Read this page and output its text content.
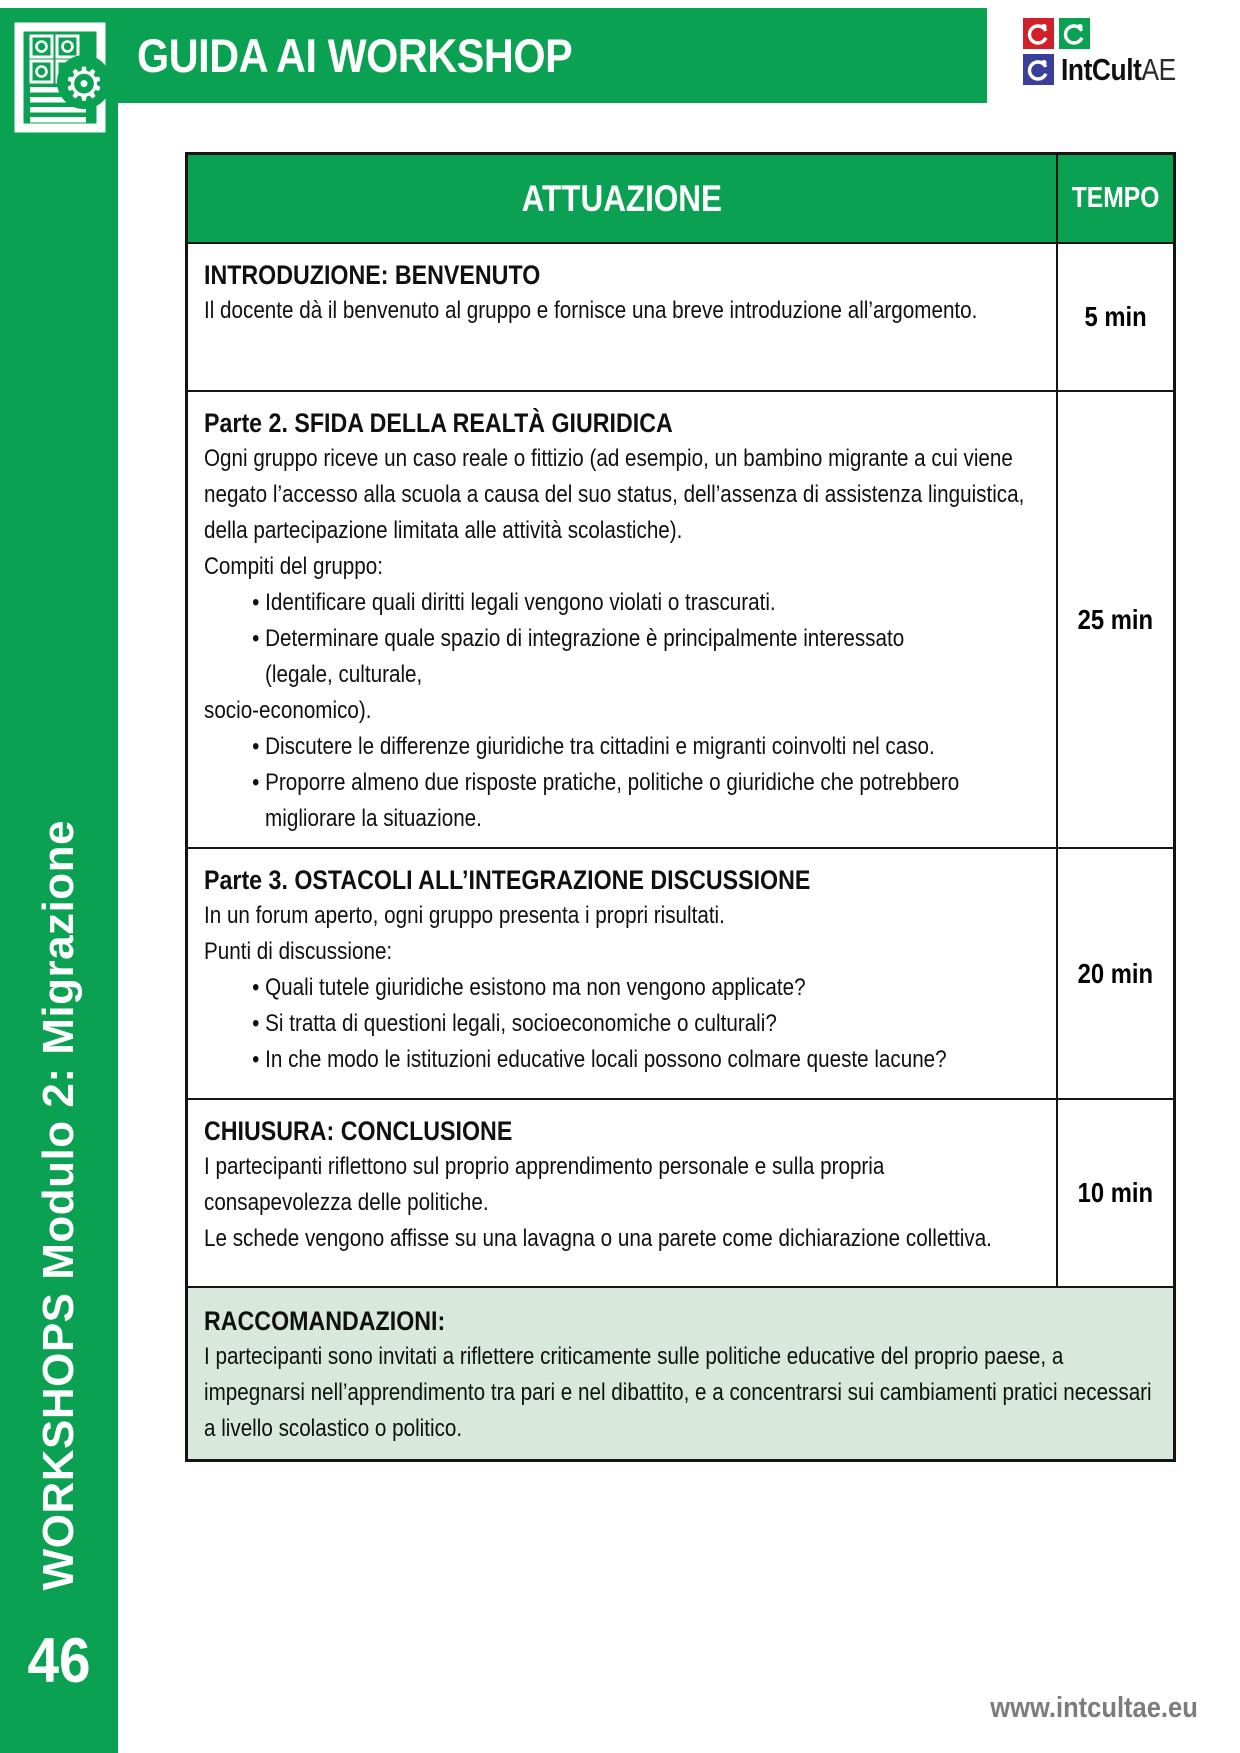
⚙
GUIDA AI WORKSHOP	IntCult AE
WORKSHOPS Modulo 2: Migrazione
46
ATTUAZIONE	TEMPO
INTRODUZIONE: BENVENUTO
Il docente dà il benvenuto al gruppo e fornisce una breve introduzione all’argomento.	5 min
Parte 2. SFIDA DELLA REALTÀ GIURIDICA
Ogni gruppo riceve un caso reale o fittizio (ad esempio, un bambino migrante a cui viene negato l’accesso alla scuola a causa del suo status, dell’assenza di assistenza linguistica, della partecipazione limitata alle attività scolastiche).
Compiti del gruppo:
• Identificare quali diritti legali vengono violati o trascurati.
• Determinare quale spazio di integrazione è principalmente interessato
(legale, culturale,
socio-economico).
• Discutere le differenze giuridiche tra cittadini e migranti coinvolti nel caso.
• Proporre almeno due risposte pratiche, politiche o giuridiche che potrebbero migliorare la situazione.
25 min
Parte 3. OSTACOLI ALL’INTEGRAZIONE DISCUSSIONE
In un forum aperto, ogni gruppo presenta i propri risultati.
Punti di discussione:
• Quali tutele giuridiche esistono ma non vengono applicate?
• Si tratta di questioni legali, socioeconomiche o culturali?
• In che modo le istituzioni educative locali possono colmare queste lacune?
20 min
CHIUSURA: CONCLUSIONE
I partecipanti riflettono sul proprio apprendimento personale e sulla propria consapevolezza delle politiche.
Le schede vengono affisse su una lavagna o una parete come dichiarazione collettiva.
10 min
RACCOMANDAZIONI:
I partecipanti sono invitati a riflettere criticamente sulle politiche educative del proprio paese, a impegnarsi nell’apprendimento tra pari e nel dibattito, e a concentrarsi sui cambiamenti pratici necessari a livello scolastico o politico.
www.intcultae.eu
